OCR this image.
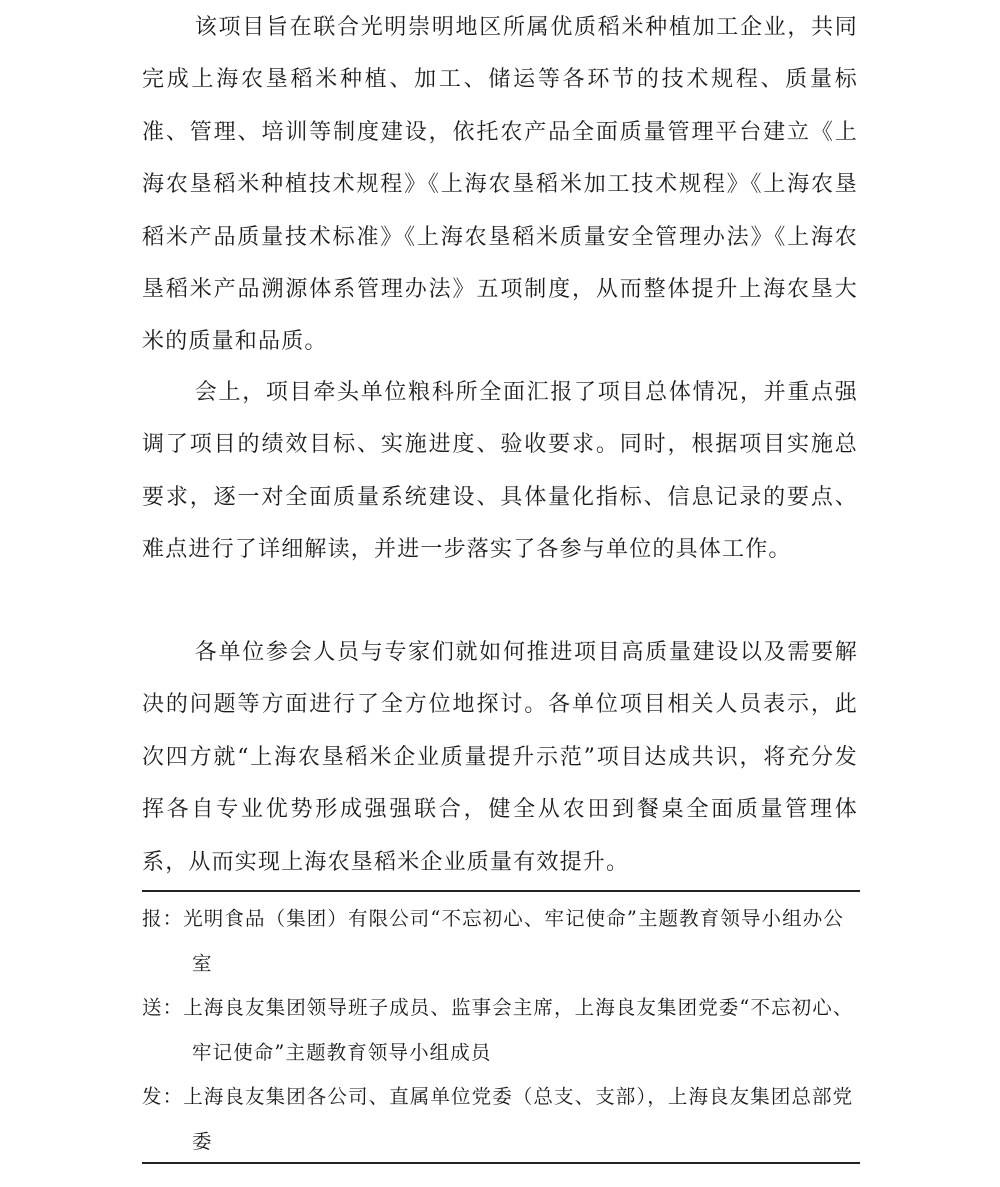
该项目旨在联合光明崇明地区所属优质稻米种植加工企业，共同完成上海农垦稻米种植、加工、储运等各环节的技术规程、质量标准、管理、培训等制度建设，依托农产品全面质量管理平台建立《上海农垦稻米种植技术规程》《上海农垦稻米加工技术规程》《上海农垦稻米产品质量技术标准》《上海农垦稻米质量安全管理办法》《上海农垦稻米产品溯源体系管理办法》五项制度，从而整体提升上海农垦大米的质量和品质。

会上，项目牵头单位粮科所全面汇报了项目总体情况，并重点强调了项目的绩效目标、实施进度、验收要求。同时，根据项目实施总要求，逐一对全面质量系统建设、具体量化指标、信息记录的要点、难点进行了详细解读，并进一步落实了各参与单位的具体工作。

各单位参会人员与专家们就如何推进项目高质量建设以及需要解决的问题等方面进行了全方位地探讨。各单位项目相关人员表示，此次四方就“上海农垦稻米企业质量提升示范”项目达成共识，将充分发挥各自专业优势形成强强联合，健全从农田到餐桌全面质量管理体系，从而实现上海农垦稻米企业质量有效提升。

报：光明食品（集团）有限公司“不忘初心、牢记使命”主题教育领导小组办公室
送：上海良友集团领导班子成员、监事会主席，上海良友集团党委“不忘初心、牢记使命”主题教育领导小组成员
发：上海良友集团各公司、直属单位党委（总支、支部），上海良友集团总部党委
